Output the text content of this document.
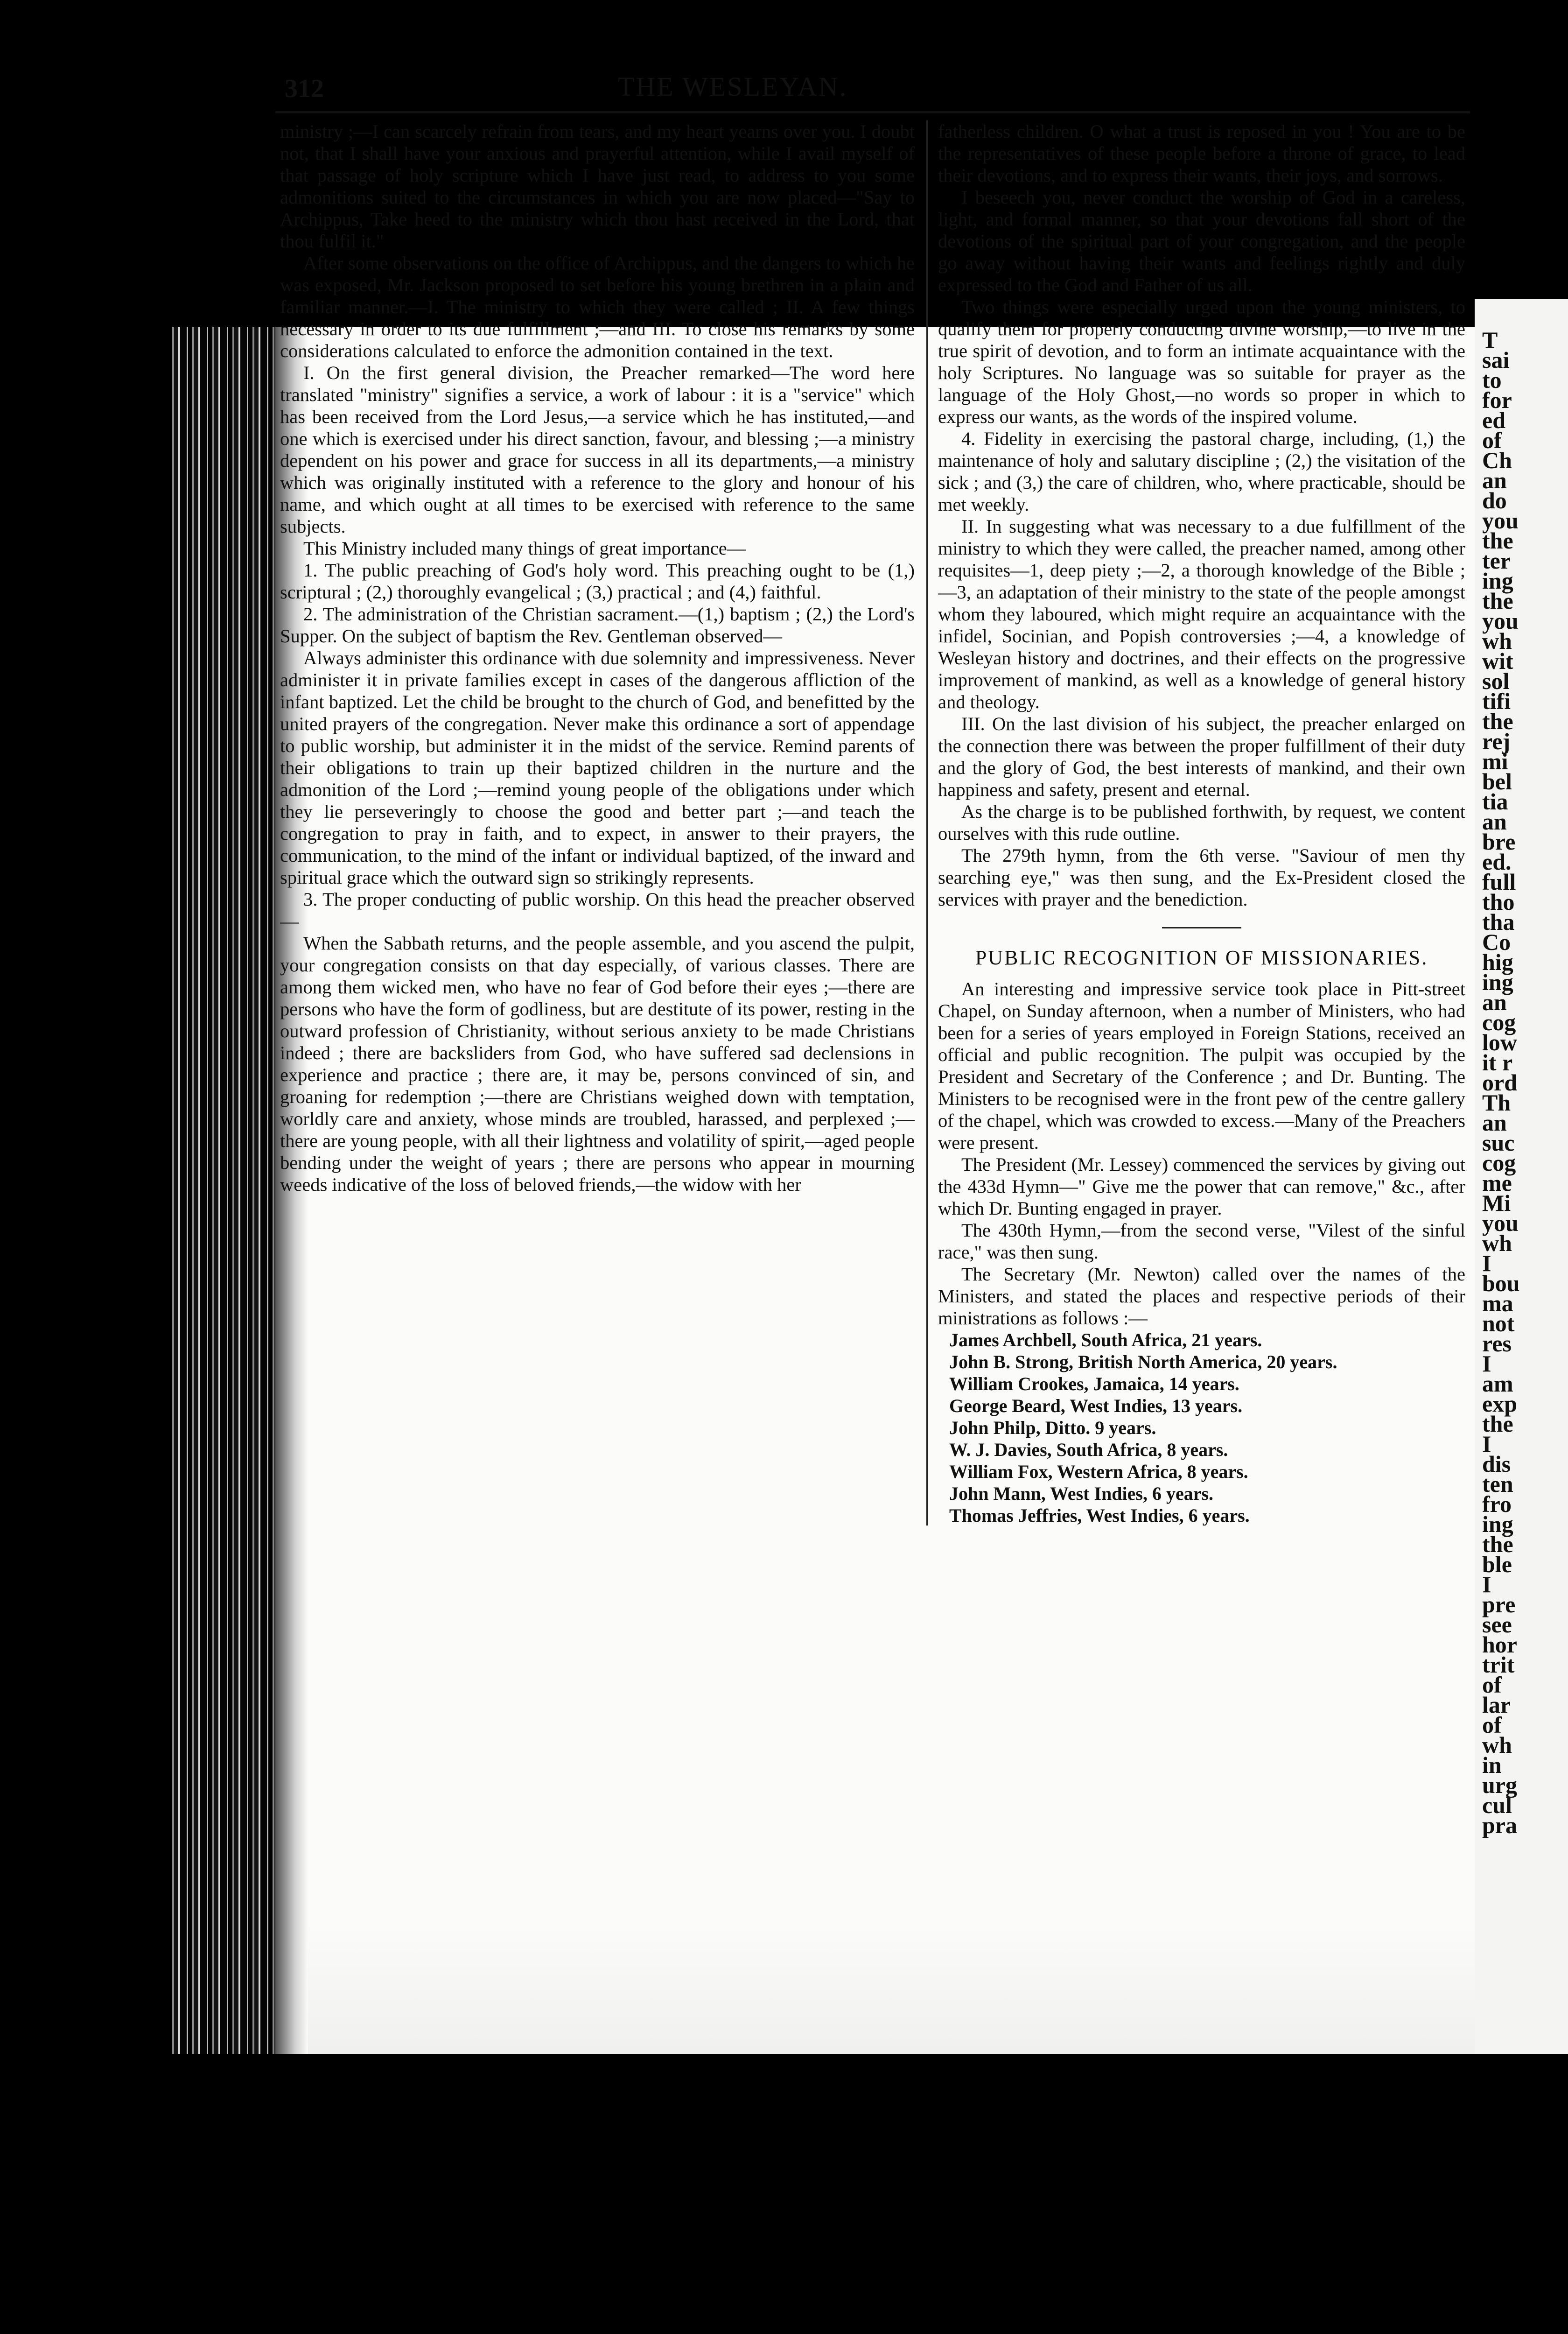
T
sai
to
for
ed
of
Ch
an
do
you
the
ter
ing
the
you
wh
wit
sol
tifi
the
rej
mi
bel
tia
an
bre
ed.
full
tho
tha
Co
hig
ing
an
cog
low
it r
ord
Th
an
suc
cog
me
Mi
you
wh
I
bou
ma
not
res
I
am
exp
the
I
dis
ten
fro
ing
the
ble
I
pre
see
hor
trit
of
lar
of
wh
in
urg
cul
pra
312	THE WESLEYAN.

ministry ;—I can scarcely refrain from tears, and my heart yearns over you. I doubt not, that I shall have your anxious and prayerful attention, while I avail myself of that passage of holy scripture which I have just read, to address to you some admonitions suited to the circumstances in which you are now placed—"Say to Archippus, Take heed to the ministry which thou hast received in the Lord, that thou fulfil it."

After some observations on the office of Archippus, and the dangers to which he was exposed, Mr. Jackson proposed to set before his young brethren in a plain and familiar manner.—I. The ministry to which they were called ; II. A few things necessary in order to its due fulfillment ;—and III. To close his remarks by some considerations calculated to enforce the admonition contained in the text.

I. On the first general division, the Preacher remarked—The word here translated "ministry" signifies a service, a work of labour : it is a "service" which has been received from the Lord Jesus,—a service which he has instituted,—and one which is exercised under his direct sanction, favour, and blessing ;—a ministry dependent on his power and grace for success in all its departments,—a ministry which was originally instituted with a reference to the glory and honour of his name, and which ought at all times to be exercised with reference to the same subjects.

This Ministry included many things of great importance—

1. The public preaching of God's holy word. This preaching ought to be (1,) scriptural ; (2,) thoroughly evangelical ; (3,) practical ; and (4,) faithful.

2. The administration of the Christian sacrament.—(1,) baptism ; (2,) the Lord's Supper. On the subject of baptism the Rev. Gentleman observed—

Always administer this ordinance with due solemnity and impressiveness. Never administer it in private families except in cases of the dangerous affliction of the infant baptized. Let the child be brought to the church of God, and benefitted by the united prayers of the congregation. Never make this ordinance a sort of appendage to public worship, but administer it in the midst of the service. Remind parents of their obligations to train up their baptized children in the nurture and the admonition of the Lord ;—remind young people of the obligations under which they lie perseveringly to choose the good and better part ;—and teach the congregation to pray in faith, and to expect, in answer to their prayers, the communication, to the mind of the infant or individual baptized, of the inward and spiritual grace which the outward sign so strikingly represents.

3. The proper conducting of public worship. On this head the preacher observed—

When the Sabbath returns, and the people assemble, and you ascend the pulpit, your congregation consists on that day especially, of various classes. There are among them wicked men, who have no fear of God before their eyes ;—there are persons who have the form of godliness, but are destitute of its power, resting in the outward profession of Christianity, without serious anxiety to be made Christians indeed ; there are backsliders from God, who have suffered sad declensions in experience and practice ; there are, it may be, persons convinced of sin, and groaning for redemption ;—there are Christians weighed down with temptation, worldly care and anxiety, whose minds are troubled, harassed, and perplexed ;—there are young people, with all their lightness and volatility of spirit,—aged people bending under the weight of years ; there are persons who appear in mourning weeds indicative of the loss of beloved friends,—the widow with her

fatherless children. O what a trust is reposed in you ! You are to be the representatives of these people before a throne of grace, to lead their devotions, and to express their wants, their joys, and sorrows.

I beseech you, never conduct the worship of God in a careless, light, and formal manner, so that your devotions fall short of the devotions of the spiritual part of your congregation, and the people go away without having their wants and feelings rightly and duly expressed to the God and Father of us all.

Two things were especially urged upon the young ministers, to qualify them for properly conducting divine worship,—to live in the true spirit of devotion, and to form an intimate acquaintance with the holy Scriptures. No language was so suitable for prayer as the language of the Holy Ghost,—no words so proper in which to express our wants, as the words of the inspired volume.

4. Fidelity in exercising the pastoral charge, including, (1,) the maintenance of holy and salutary discipline ; (2,) the visitation of the sick ; and (3,) the care of children, who, where practicable, should be met weekly.

II. In suggesting what was necessary to a due fulfillment of the ministry to which they were called, the preacher named, among other requisites—1, deep piety ;—2, a thorough knowledge of the Bible ;—3, an adaptation of their ministry to the state of the people amongst whom they laboured, which might require an acquaintance with the infidel, Socinian, and Popish controversies ;—4, a knowledge of Wesleyan history and doctrines, and their effects on the progressive improvement of mankind, as well as a knowledge of general history and theology.

III. On the last division of his subject, the preacher enlarged on the connection there was between the proper fulfillment of their duty and the glory of God, the best interests of mankind, and their own happiness and safety, present and eternal.

As the charge is to be published forthwith, by request, we content ourselves with this rude outline.

The 279th hymn, from the 6th verse. "Saviour of men thy searching eye," was then sung, and the Ex-President closed the services with prayer and the benediction.

PUBLIC RECOGNITION OF MISSIONARIES.

An interesting and impressive service took place in Pitt-street Chapel, on Sunday afternoon, when a number of Ministers, who had been for a series of years employed in Foreign Stations, received an official and public recognition. The pulpit was occupied by the President and Secretary of the Conference ; and Dr. Bunting. The Ministers to be recognised were in the front pew of the centre gallery of the chapel, which was crowded to excess.—Many of the Preachers were present.

The President (Mr. Lessey) commenced the services by giving out the 433d Hymn—" Give me the power that can remove," &c., after which Dr. Bunting engaged in prayer.

The 430th Hymn,—from the second verse, "Vilest of the sinful race," was then sung.

The Secretary (Mr. Newton) called over the names of the Ministers, and stated the places and respective periods of their ministrations as follows :—

James Archbell, South Africa, 21 years.
John B. Strong, British North America, 20 years.
William Crookes, Jamaica, 14 years.
George Beard, West Indies, 13 years.
John Philp, Ditto. 9 years.
W. J. Davies, South Africa, 8 years.
William Fox, Western Africa, 8 years.
John Mann, West Indies, 6 years.
Thomas Jeffries, West Indies, 6 years.
